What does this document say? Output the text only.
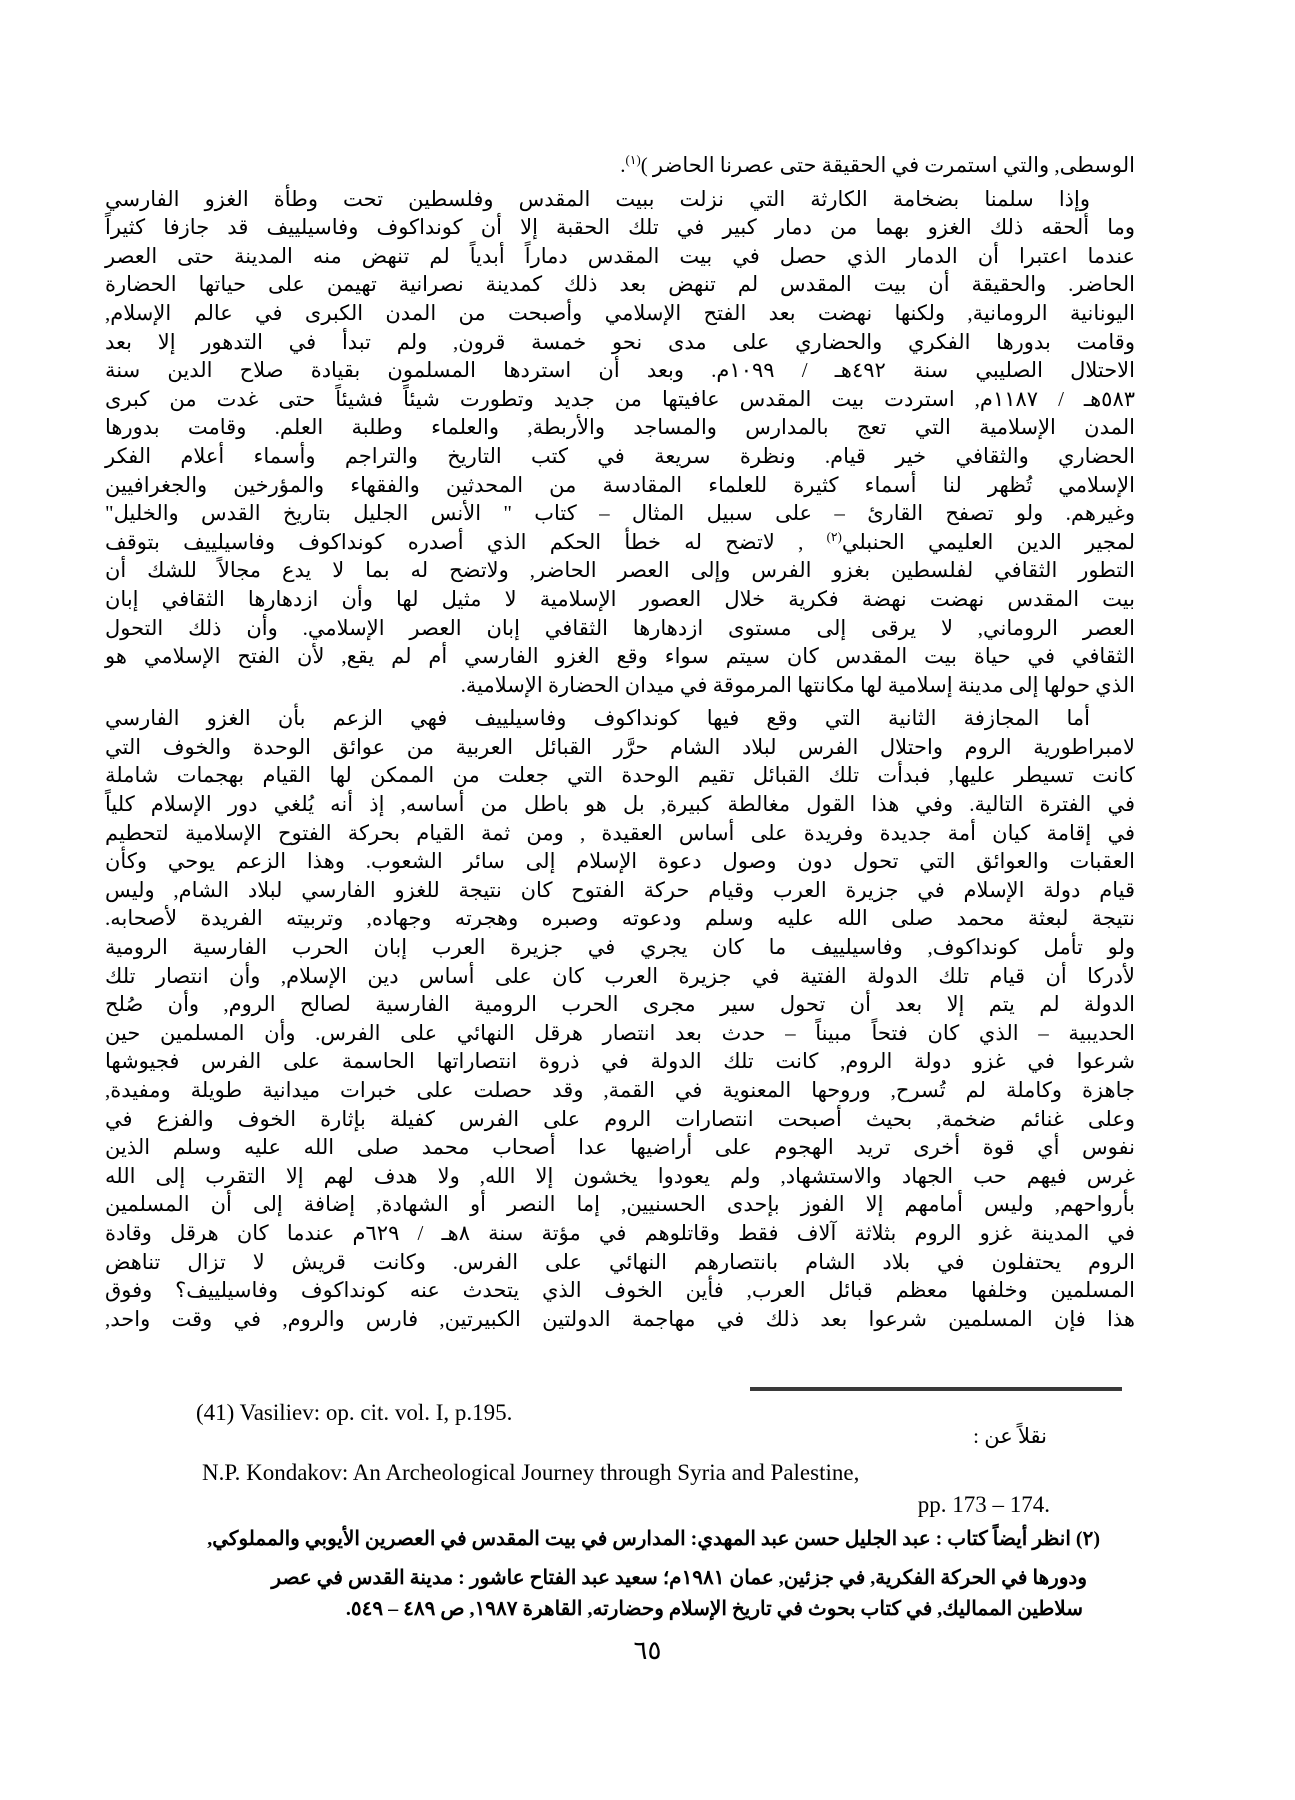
الوسطى, والتي استمرت في الحقيقة حتى عصرنا الحاضر )$^{(١)}$.
وإذا سلمنا بضخامة الكارثة التي نزلت ببيت المقدس وفلسطين تحت وطأة الغزو الفارسي
وما ألحقه ذلك الغزو بهما من دمار كبير في تلك الحقبة إلا أن كونداكوف وفاسيلييف قد جازفا كثيراً
عندما اعتبرا أن الدمار الذي حصل في بيت المقدس دماراً أبدياً لم تنهض منه المدينة حتى العصر
الحاضر. والحقيقة أن بيت المقدس لم تنهض بعد ذلك كمدينة نصرانية تهيمن على حياتها الحضارة
اليونانية الرومانية, ولكنها نهضت بعد الفتح الإسلامي وأصبحت من المدن الكبرى في عالم الإسلام,
وقامت بدورها الفكري والحضاري على مدى نحو خمسة قرون, ولم تبدأ في التدهور إلا بعد
الاحتلال الصليبي سنة ٤٩٢هـ / ١٠٩٩م. وبعد أن استردها المسلمون بقيادة صلاح الدين سنة
٥٨٣هـ / ١١٨٧م, استردت بيت المقدس عافيتها من جديد وتطورت شيئاً فشيئاً حتى غدت من كبرى
المدن الإسلامية التي تعج بالمدارس والمساجد والأربطة, والعلماء وطلبة العلم. وقامت بدورها
الحضاري والثقافي خير قيام. ونظرة سريعة في كتب التاريخ والتراجم وأسماء أعلام الفكر
الإسلامي تُظهر لنا أسماء كثيرة للعلماء المقادسة من المحدثين والفقهاء والمؤرخين والجغرافيين
وغيرهم. ولو تصفح القارئ – على سبيل المثال – كتاب " الأنس الجليل بتاريخ القدس والخليل"
لمجير الدين العليمي الحنبلي$^{(٢)}$ , لاتضح له خطأ الحكم الذي أصدره كونداكوف وفاسيلييف بتوقف
التطور الثقافي لفلسطين بغزو الفرس وإلى العصر الحاضر, ولاتضح له بما لا يدع مجالاً للشك أن
بيت المقدس نهضت نهضة فكرية خلال العصور الإسلامية لا مثيل لها وأن ازدهارها الثقافي إبان
العصر الروماني, لا يرقى إلى مستوى ازدهارها الثقافي إبان العصر الإسلامي. وأن ذلك التحول
الثقافي في حياة بيت المقدس كان سيتم سواء وقع الغزو الفارسي أم لم يقع, لأن الفتح الإسلامي هو
الذي حولها إلى مدينة إسلامية لها مكانتها المرموقة في ميدان الحضارة الإسلامية.
أما المجازفة الثانية التي وقع فيها كونداكوف وفاسيلييف فهي الزعم بأن الغزو الفارسي
لامبراطورية الروم واحتلال الفرس لبلاد الشام حرَّر القبائل العربية من عوائق الوحدة والخوف التي
كانت تسيطر عليها, فبدأت تلك القبائل تقيم الوحدة التي جعلت من الممكن لها القيام بهجمات شاملة
في الفترة التالية. وفي هذا القول مغالطة كبيرة, بل هو باطل من أساسه, إذ أنه يُلغي دور الإسلام كلياً
في إقامة كيان أمة جديدة وفريدة على أساس العقيدة , ومن ثمة القيام بحركة الفتوح الإسلامية لتحطيم
العقبات والعوائق التي تحول دون وصول دعوة الإسلام إلى سائر الشعوب. وهذا الزعم يوحي وكأن
قيام دولة الإسلام في جزيرة العرب وقيام حركة الفتوح كان نتيجة للغزو الفارسي لبلاد الشام, وليس
نتيجة لبعثة محمد صلى الله عليه وسلم ودعوته وصبره وهجرته وجهاده, وتربيته الفريدة لأصحابه.
ولو تأمل كونداكوف, وفاسيلييف ما كان يجري في جزيرة العرب إبان الحرب الفارسية الرومية
لأدركا أن قيام تلك الدولة الفتية في جزيرة العرب كان على أساس دين الإسلام, وأن انتصار تلك
الدولة لم يتم إلا بعد أن تحول سير مجرى الحرب الرومية الفارسية لصالح الروم, وأن صُلح
الحديبية – الذي كان فتحاً مبيناً – حدث بعد انتصار هرقل النهائي على الفرس. وأن المسلمين حين
شرعوا في غزو دولة الروم, كانت تلك الدولة في ذروة انتصاراتها الحاسمة على الفرس فجيوشها
جاهزة وكاملة لم تُسرح, وروحها المعنوية في القمة, وقد حصلت على خبرات ميدانية طويلة ومفيدة,
وعلى غنائم ضخمة, بحيث أصبحت انتصارات الروم على الفرس كفيلة بإثارة الخوف والفزع في
نفوس أي قوة أخرى تريد الهجوم على أراضيها عدا أصحاب محمد صلى الله عليه وسلم الذين
غرس فيهم حب الجهاد والاستشهاد, ولم يعودوا يخشون إلا الله, ولا هدف لهم إلا التقرب إلى الله
بأرواحهم, وليس أمامهم إلا الفوز بإحدى الحسنيين, إما النصر أو الشهادة, إضافة إلى أن المسلمين
في المدينة غزو الروم بثلاثة آلاف فقط وقاتلوهم في مؤتة سنة ٨هـ / ٦٢٩م عندما كان هرقل وقادة
الروم يحتفلون في بلاد الشام بانتصارهم النهائي على الفرس. وكانت قريش لا تزال تناهض
المسلمين وخلفها معظم قبائل العرب, فأين الخوف الذي يتحدث عنه كونداكوف وفاسيلييف؟ وفوق
هذا فإن المسلمين شرعوا بعد ذلك في مهاجمة الدولتين الكبيرتين, فارس والروم, في وقت واحد,
(41) Vasiliev: op. cit. vol. I, p.195.
نقلاً عن :
N.P. Kondakov: An Archeological Journey through Syria and Palestine,
pp. 173 – 174.
(٢) انظر أيضاً كتاب : عبد الجليل حسن عبد المهدي: المدارس في بيت المقدس في العصرين الأيوبي والمملوكي,
ودورها في الحركة الفكرية, في جزئين, عمان ١٩٨١م؛ سعيد عبد الفتاح عاشور : مدينة القدس في عصر
سلاطين المماليك, في كتاب بحوث في تاريخ الإسلام وحضارته, القاهرة ١٩٨٧, ص ٤٨٩ – ٥٤٩.
٦٥
